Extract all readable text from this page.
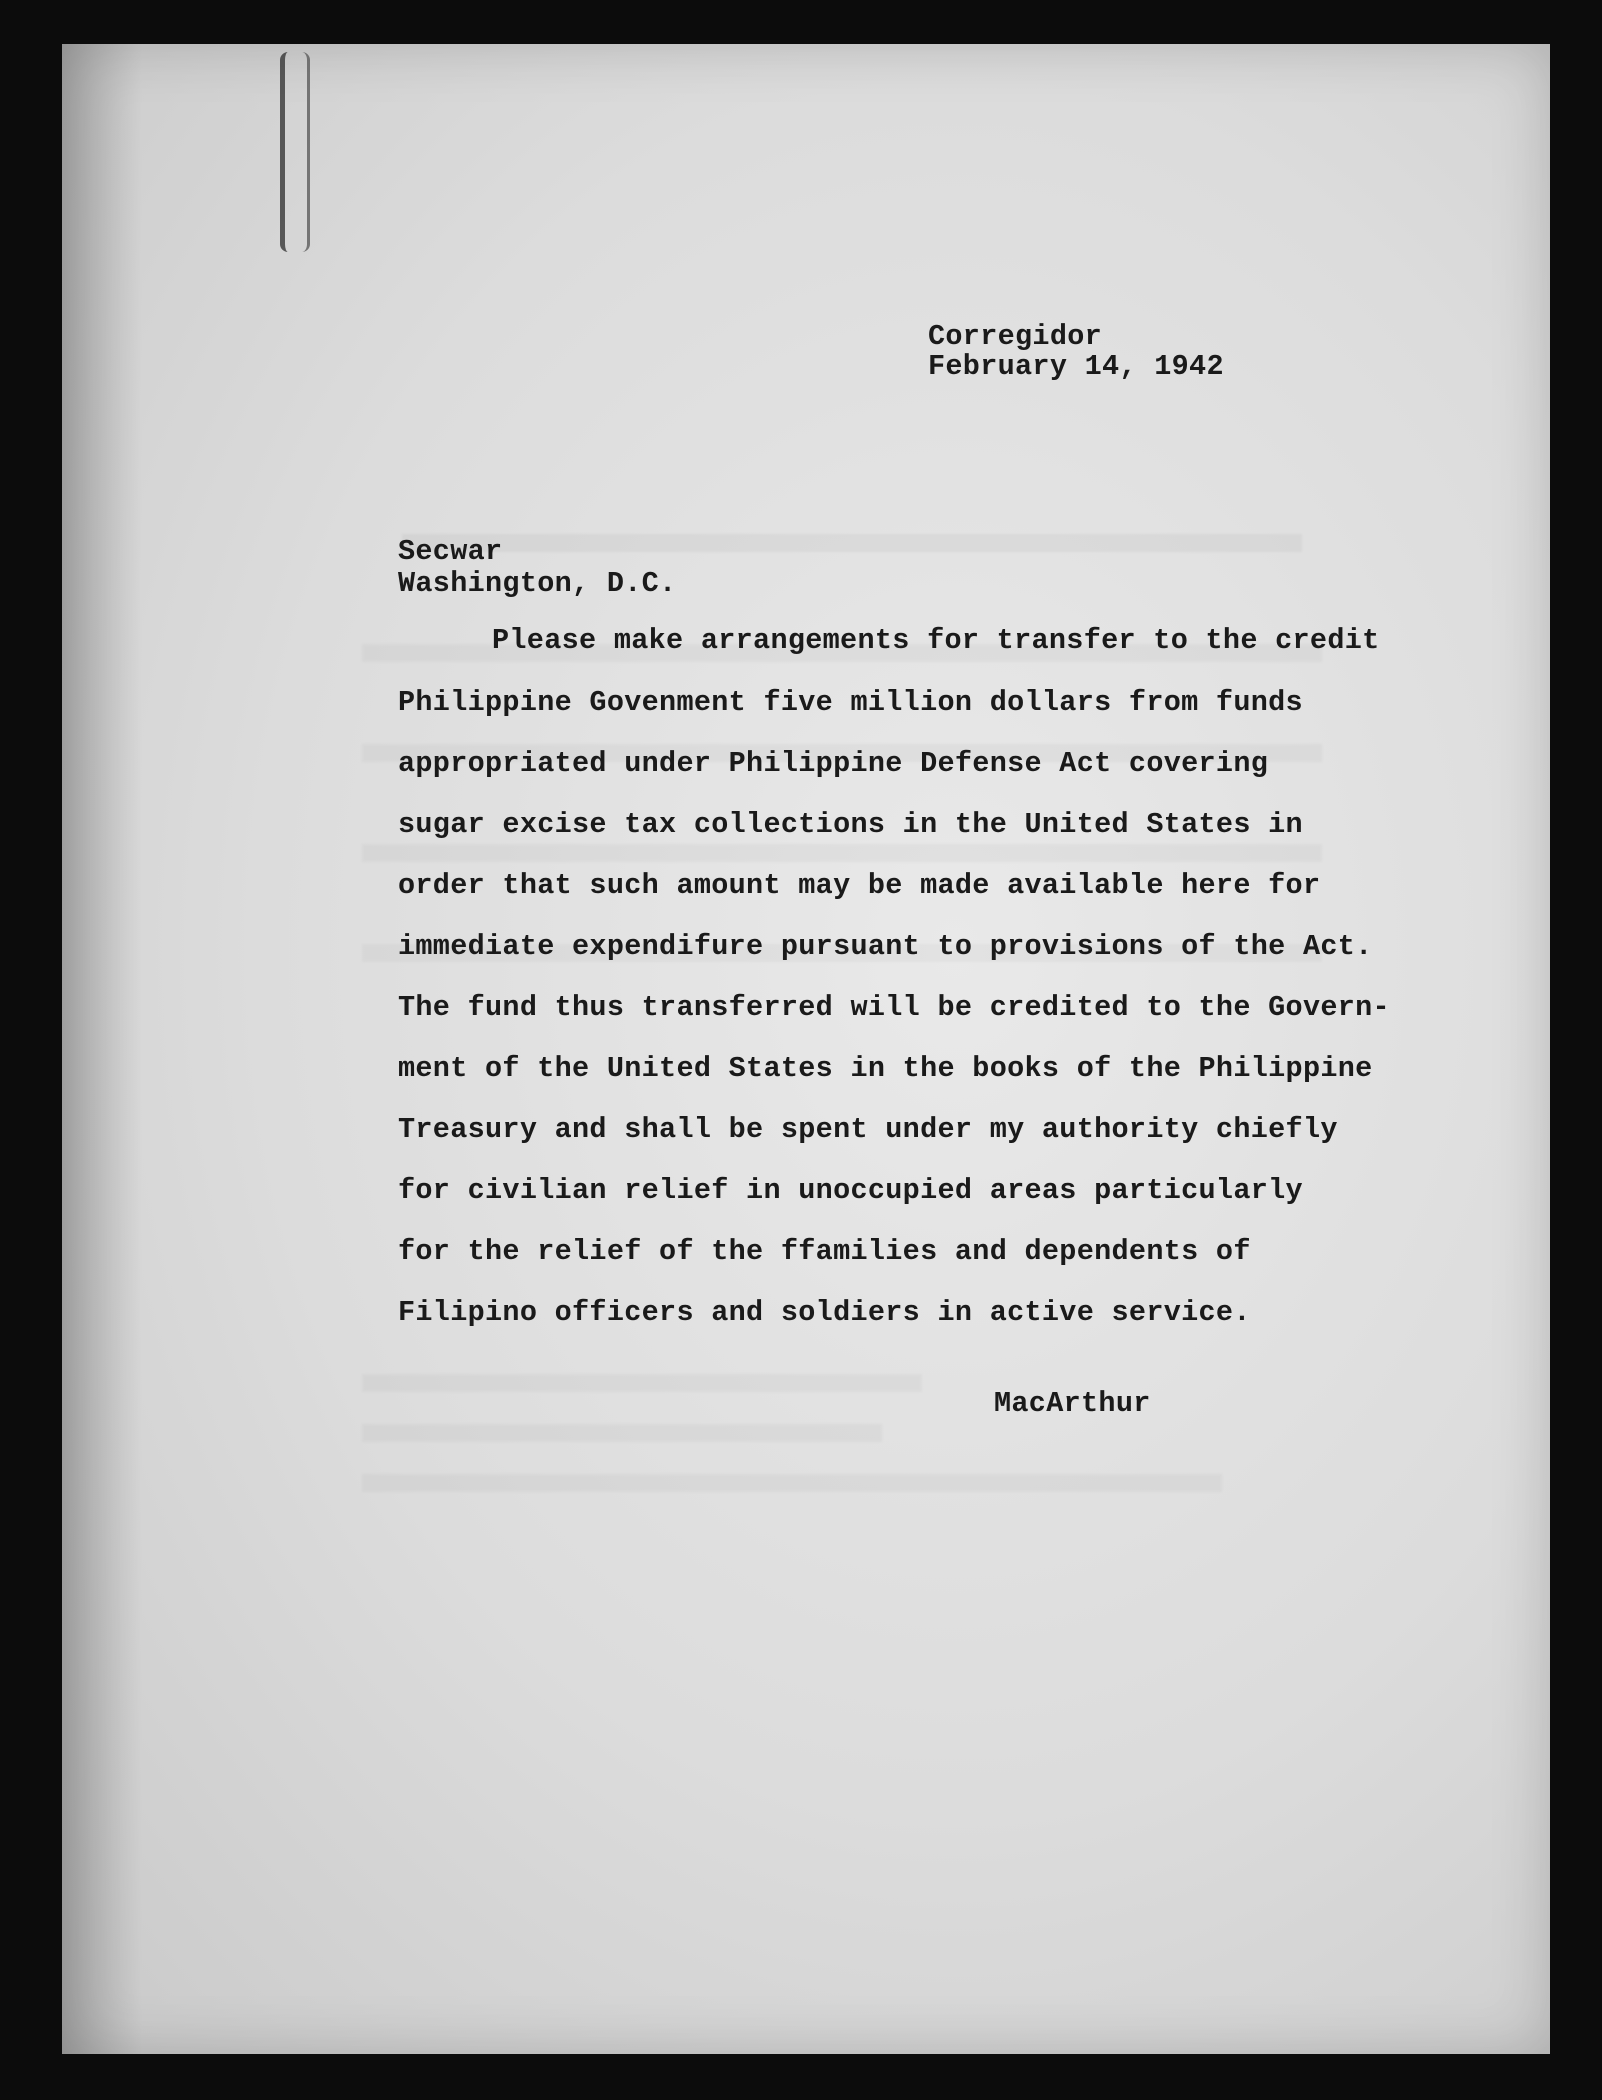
Corregidor
February 14, 1942
Secwar
Washington, D.C.
Please make arrangements for transfer to the credit
Philippine Govenment five million dollars from funds
appropriated under Philippine Defense Act covering
sugar excise tax collections in the United States in
order that such amount may be made available here for
immediate expendifure pursuant to provisions of the Act.
The fund thus transferred will be credited to the Govern-
ment of the United States in the books of the Philippine
Treasury and shall be spent under my authority chiefly
for civilian relief in unoccupied areas particularly
for the relief of the ffamilies and dependents of
Filipino officers and soldiers in active service.
MacArthur
